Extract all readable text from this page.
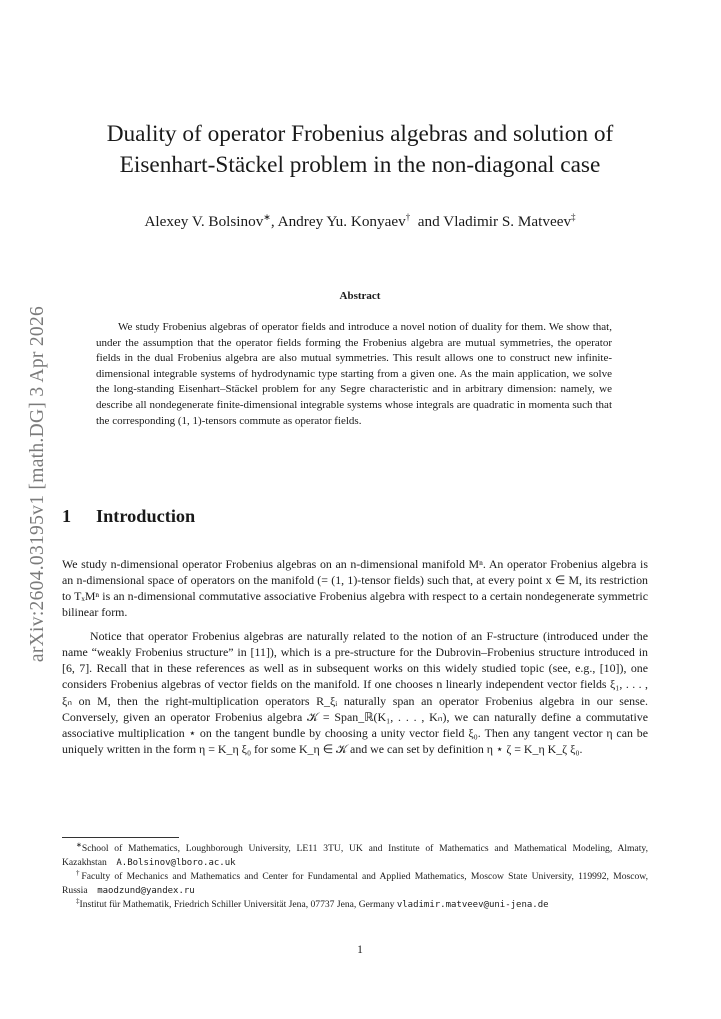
arXiv:2604.03195v1 [math.DG] 3 Apr 2026
Duality of operator Frobenius algebras and solution of
Eisenhart-Stäckel problem in the non-diagonal case
Alexey V. Bolsinov∗, Andrey Yu. Konyaev†  and Vladimir S. Matveev‡
Abstract

We study Frobenius algebras of operator fields and introduce a novel notion of duality for them. We show that, under the assumption that the operator fields forming the Frobenius algebra are mutual symmetries, the operator fields in the dual Frobenius algebra are also mutual symmetries. This result allows one to construct new infinite-dimensional integrable systems of hydrodynamic type starting from a given one. As the main application, we solve the long-standing Eisenhart–Stäckel problem for any Segre characteristic and in arbitrary dimension: namely, we describe all nondegenerate finite-dimensional integrable systems whose integrals are quadratic in momenta such that the corresponding (1, 1)-tensors commute as operator fields.

1 Introduction

We study n-dimensional operator Frobenius algebras on an n-dimensional manifold Mⁿ. An operator Frobenius algebra is an n-dimensional space of operators on the manifold (= (1, 1)-tensor fields) such that, at every point x ∈ M, its restriction to TₓMⁿ is an n-dimensional commutative associative Frobenius algebra with respect to a certain nondegenerate symmetric bilinear form.

Notice that operator Frobenius algebras are naturally related to the notion of an F-structure (introduced under the name “weakly Frobenius structure” in [11]), which is a pre-structure for the Dubrovin–Frobenius structure introduced in [6, 7]. Recall that in these references as well as in subsequent works on this widely studied topic (see, e.g., [10]), one considers Frobenius algebras of vector fields on the manifold. If one chooses n linearly independent vector fields ξ₁, . . . , ξₙ on M, then the right-multiplication operators R_ξᵢ naturally span an operator Frobenius algebra in our sense. Conversely, given an operator Frobenius algebra 𝒦 = Span_ℝ(K₁, . . . , Kₙ), we can naturally define a commutative associative multiplication ⋆ on the tangent bundle by choosing a unity vector field ξ₀. Then any tangent vector η can be uniquely written in the form η = K_η ξ₀ for some K_η ∈ 𝒦 and we can set by definition η ⋆ ζ = K_η K_ζ ξ₀.

∗School of Mathematics, Loughborough University, LE11 3TU, UK and Institute of Mathematics and Mathematical Modeling, Almaty, Kazakhstan A.Bolsinov@lboro.ac.uk

†Faculty of Mechanics and Mathematics and Center for Fundamental and Applied Mathematics, Moscow State University, 119992, Moscow, Russia maodzund@yandex.ru

‡Institut für Mathematik, Friedrich Schiller Universität Jena, 07737 Jena, Germany vladimir.matveev@uni-jena.de

1
